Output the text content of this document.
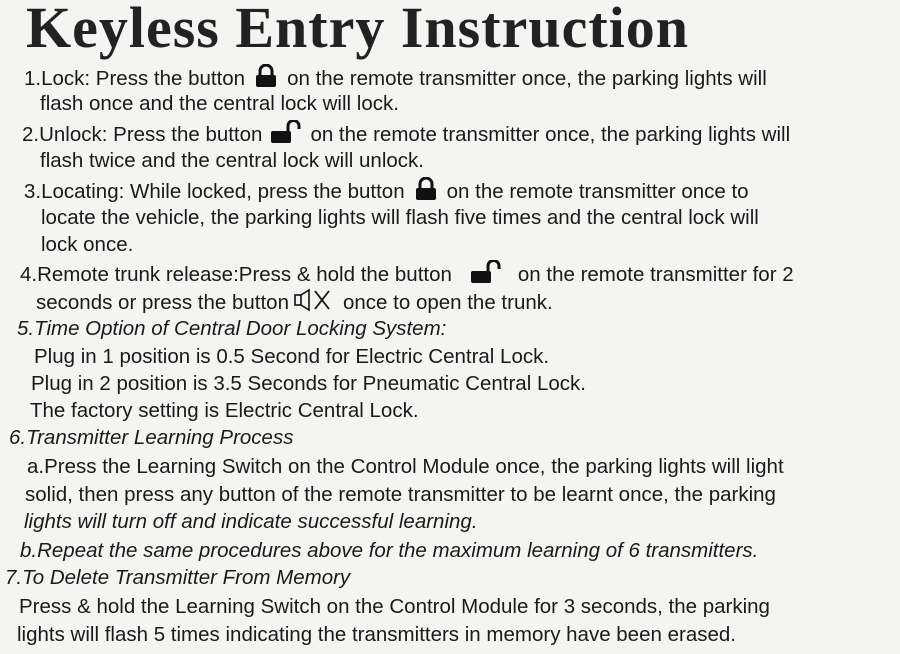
Keyless Entry Instruction
1.Lock: Press the button on the remote transmitter once, the parking lights will
flash once and the central lock will lock.
2.Unlock: Press the button on the remote transmitter once, the parking lights will
flash twice and the central lock will unlock.
3.Locating: While locked, press the button on the remote transmitter once to
locate the vehicle, the parking lights will flash five times and the central lock will
lock once.
4.Remote trunk release:Press & hold the button	on the remote transmitter for 2
seconds or press the button	once to open the trunk.
5.Time Option of Central Door Locking System:
Plug in 1 position is 0.5 Second for Electric Central Lock.
Plug in 2 position is 3.5 Seconds for Pneumatic Central Lock.
The factory setting is Electric Central Lock.
6.Transmitter Learning Process
a.Press the Learning Switch on the Control Module once, the parking lights will light
solid, then press any button of the remote transmitter to be learnt once, the parking
lights will turn off and indicate successful learning.
b.Repeat the same procedures above for the maximum learning of 6 transmitters.
7.To Delete Transmitter From Memory
Press & hold the Learning Switch on the Control Module for 3 seconds, the parking
lights will flash 5 times indicating the transmitters in memory have been erased.
